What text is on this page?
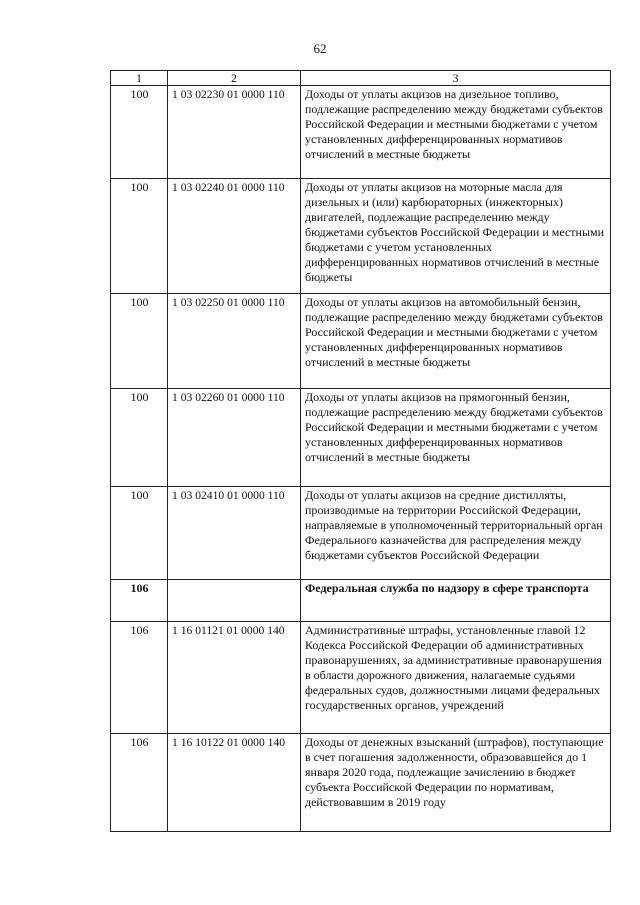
62
1	2	3
100	1 03 02230 01 0000 110	Доходы от уплаты акцизов на дизельное топливо, подлежащие распределению между бюджетами субъектов Российской Федерации и местными бюджетами с учетом установленных дифференцированных нормативов отчислений в местные бюджеты
100	1 03 02240 01 0000 110	Доходы от уплаты акцизов на моторные масла для дизельных и (или) карбюраторных (инжекторных) двигателей, подлежащие распределению между бюджетами субъектов Российской Федерации и местными бюджетами с учетом установленных дифференцированных нормативов отчислений в местные бюджеты
100	1 03 02250 01 0000 110	Доходы от уплаты акцизов на автомобильный бензин, подлежащие распределению между бюджетами субъектов Российской Федерации и местными бюджетами с учетом установленных дифференцированных нормативов отчислений в местные бюджеты
100	1 03 02260 01 0000 110	Доходы от уплаты акцизов на прямогонный бензин, подлежащие распределению между бюджетами субъектов Российской Федерации и местными бюджетами с учетом установленных дифференцированных нормативов отчислений в местные бюджеты
100	1 03 02410 01 0000 110	Доходы от уплаты акцизов на средние дистилляты, производимые на территории Российской Федерации, направляемые в уполномоченный территориальный орган Федерального казначейства для распределения между бюджетами субъектов Российской Федерации
106		Федеральная служба по надзору в сфере транспорта
106	1 16 01121 01 0000 140	Административные штрафы, установленные главой 12 Кодекса Российской Федерации об административных правонарушениях, за административные правонарушения в области дорожного движения, налагаемые судьями федеральных судов, должностными лицами федеральных государственных органов, учреждений
106	1 16 10122 01 0000 140	Доходы от денежных взысканий (штрафов), поступающие в счет погашения задолженности, образовавшейся до 1 января 2020 года, подлежащие зачислению в бюджет субъекта Российской Федерации по нормативам, действовавшим в 2019 году
